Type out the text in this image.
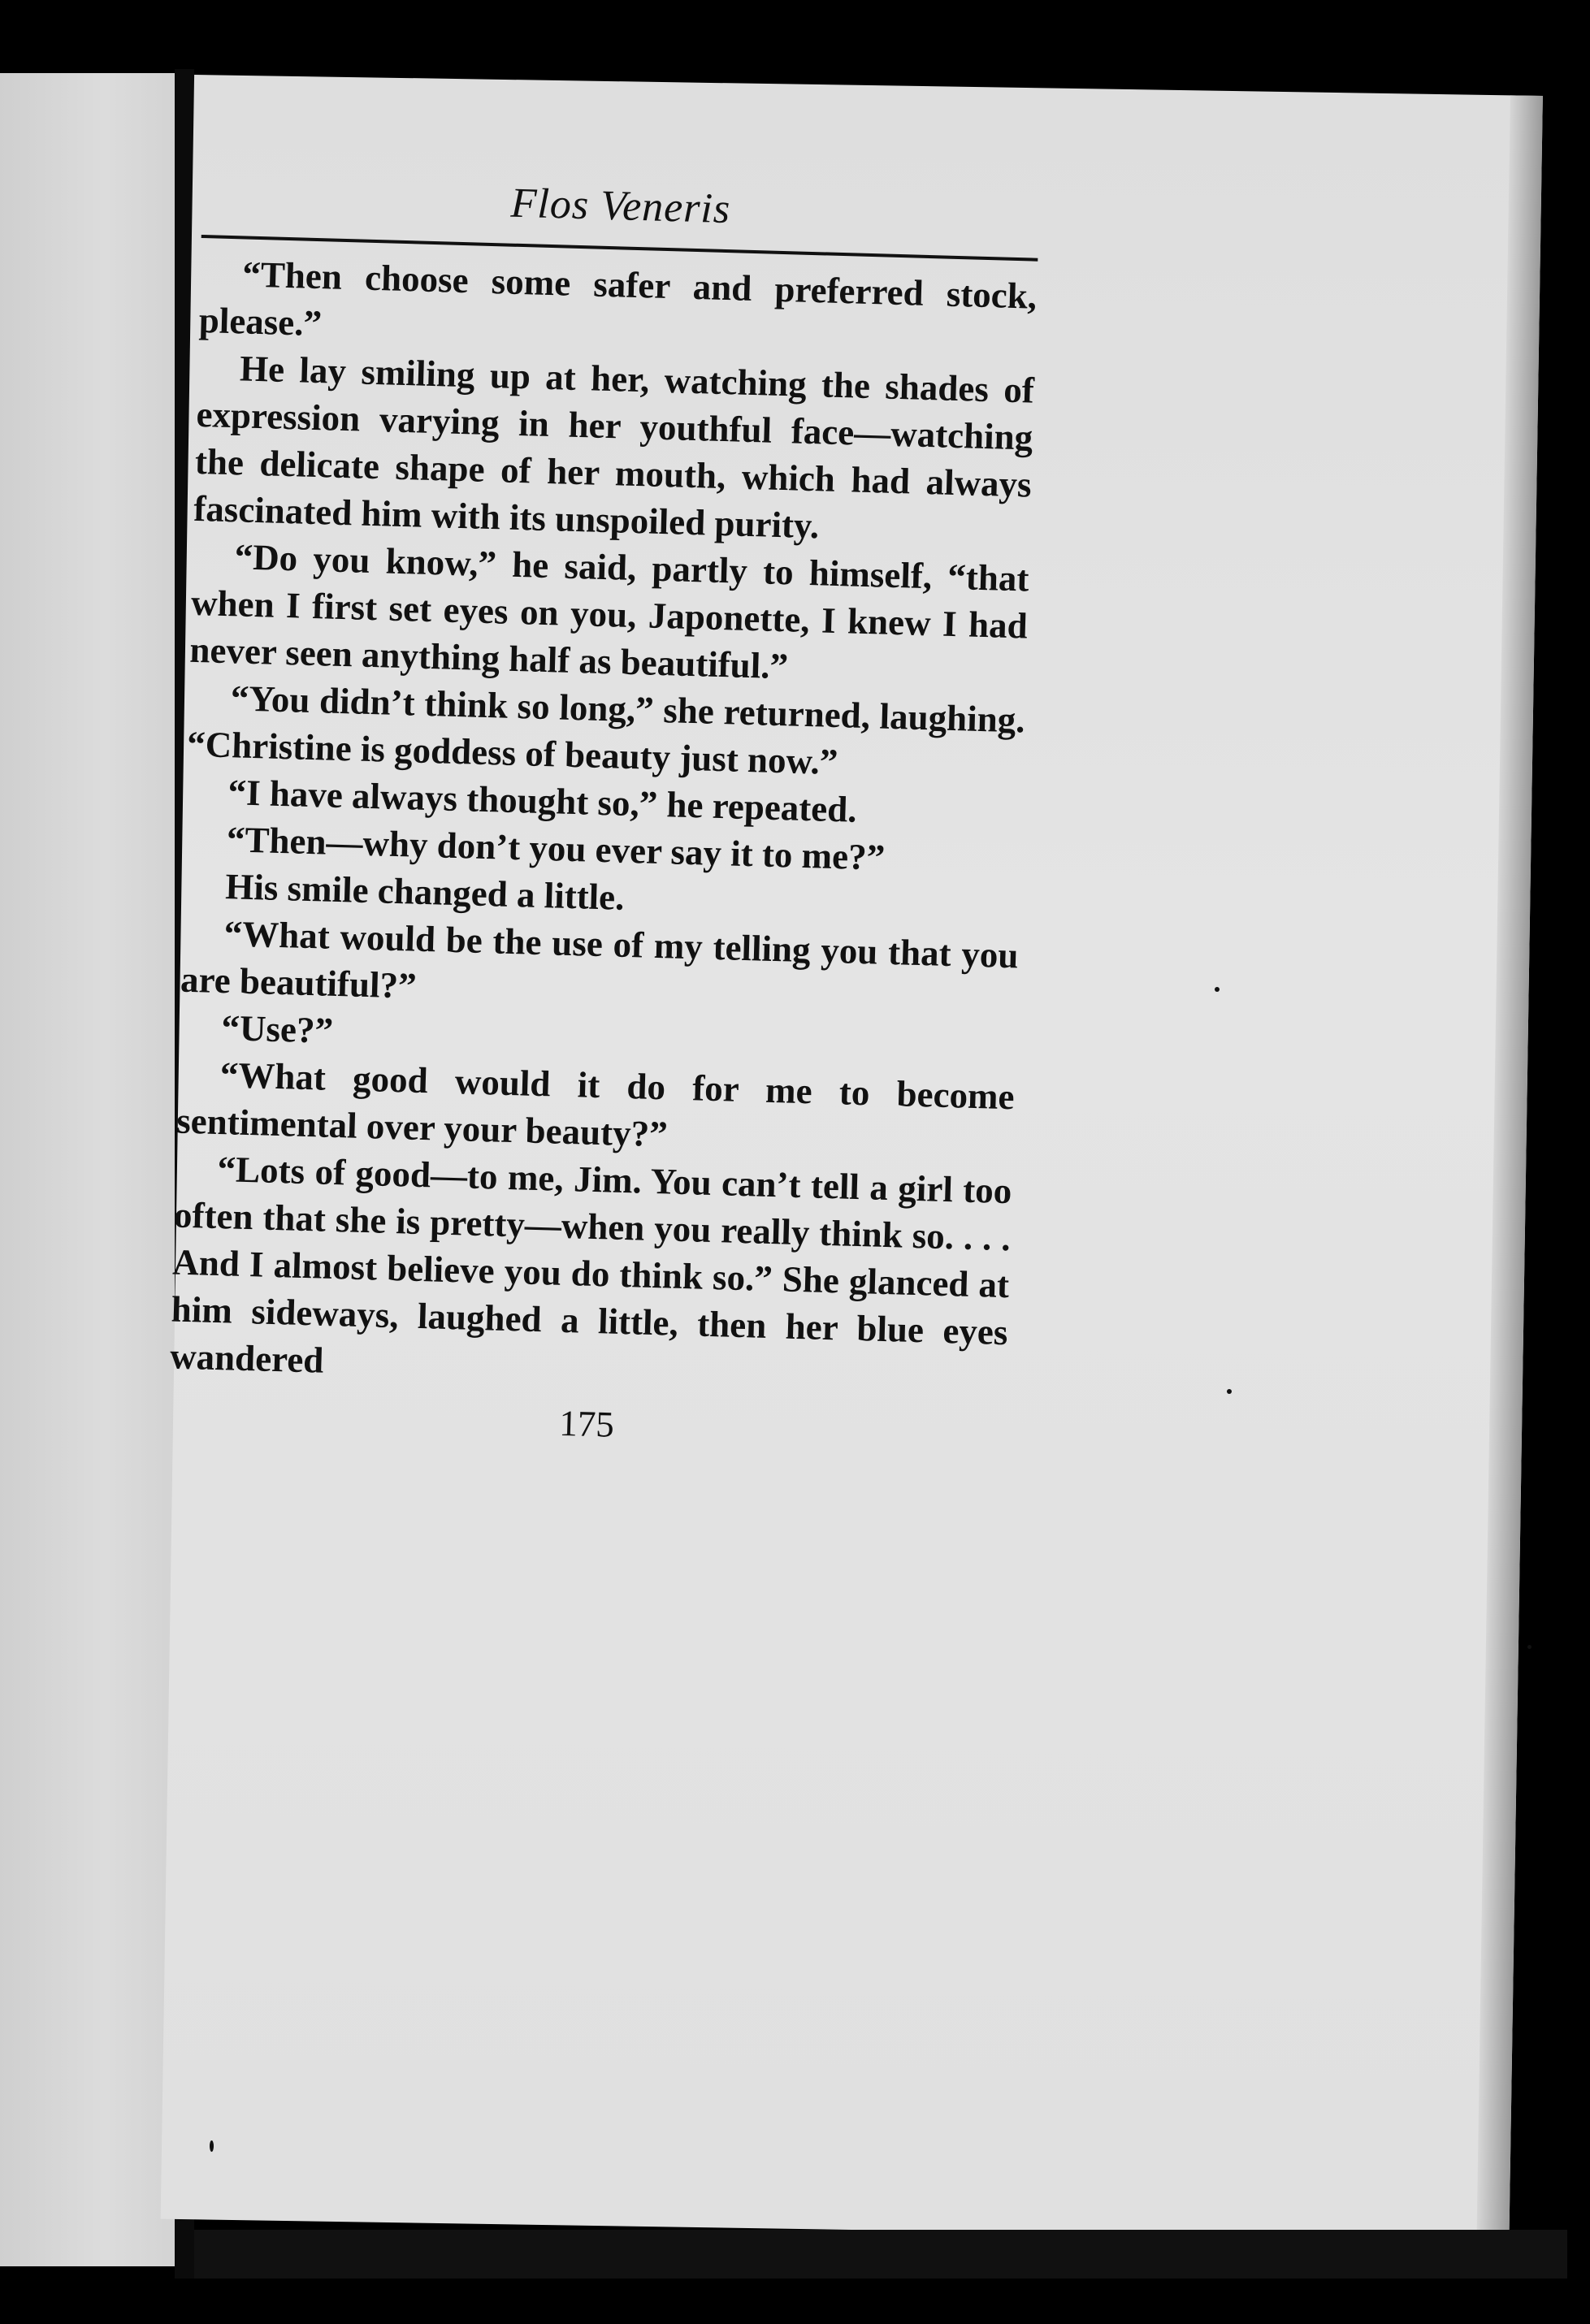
Flos Veneris

“Then choose some safer and preferred stock, please.”

He lay smiling up at her, watching the shades of expression varying in her youthful face—watching the delicate shape of her mouth, which had always fascinated him with its unspoiled purity.

“Do you know,” he said, partly to himself, “that when I first set eyes on you, Japonette, I knew I had never seen anything half as beautiful.”

“You didn’t think so long,” she returned, laughing. “Christine is goddess of beauty just now.”

“I have always thought so,” he repeated.

“Then—why don’t you ever say it to me?”

His smile changed a little.

“What would be the use of my telling you that you are beautiful?”

“Use?”

“What good would it do for me to become sentimental over your beauty?”

“Lots of good—to me, Jim. You can’t tell a girl too often that she is pretty—when you really think so. . . . And I almost believe you do think so.” She glanced at him sideways, laughed a little, then her blue eyes wandered

175
